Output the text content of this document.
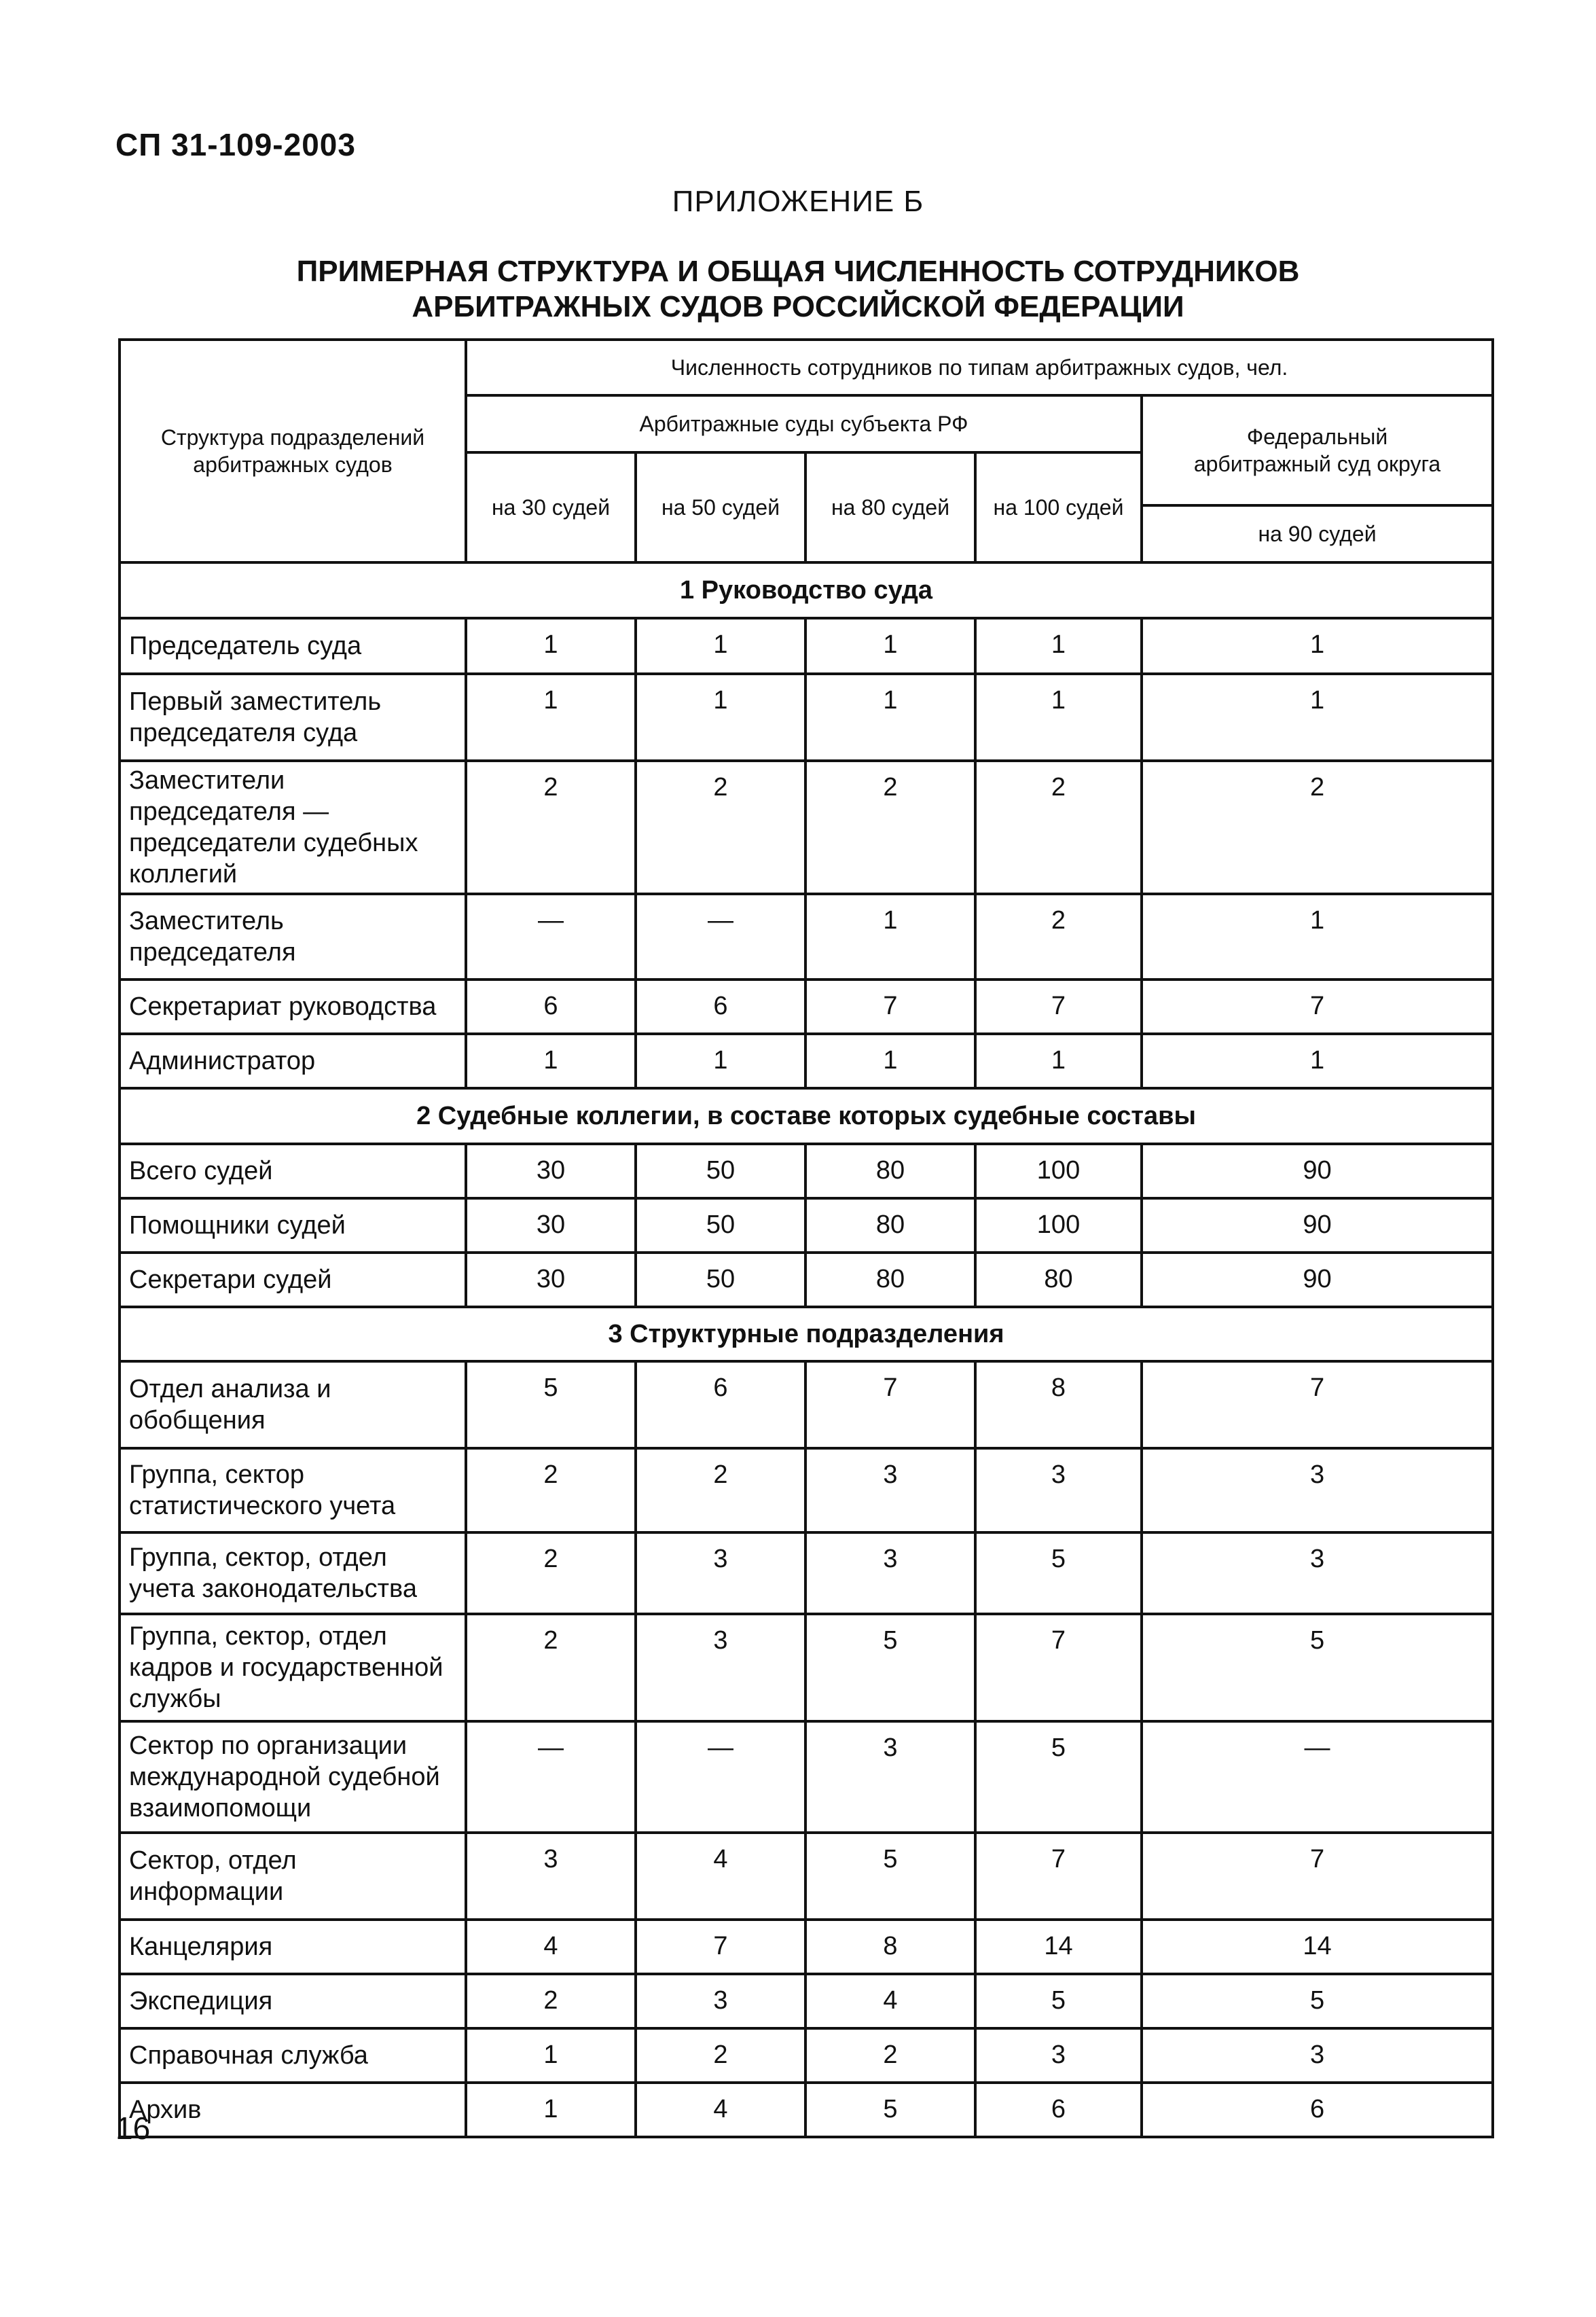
СП 31-109-2003
ПРИЛОЖЕНИЕ Б
ПРИМЕРНАЯ СТРУКТУРА И ОБЩАЯ ЧИСЛЕННОСТЬ СОТРУДНИКОВ
АРБИТРАЖНЫХ СУДОВ РОССИЙСКОЙ ФЕДЕРАЦИИ
Структура подразделений арбитражных судов	Численность сотрудников по типам арбитражных судов, чел.				
	Арбитражные суды субъекта РФ				Федеральный арбитражный суд округа
	на 30 судей	на 50 судей	на 80 судей	на 100 судей	
					на 90 судей
1 Руководство суда					
Председатель суда	1	1	1	1	1
Первый заместитель председателя суда	1	1	1	1	1
Заместители председателя — председатели судебных коллегий	2	2	2	2	2
Заместитель председателя	—	—	1	2	1
Секретариат руководства	6	6	7	7	7
Администратор	1	1	1	1	1
2 Судебные коллегии, в составе которых судебные составы					
Всего судей	30	50	80	100	90
Помощники судей	30	50	80	100	90
Секретари судей	30	50	80	80	90
3 Структурные подразделения					
Отдел анализа и обобщения	5	6	7	8	7
Группа, сектор статистического учета	2	2	3	3	3
Группа, сектор, отдел учета законодательства	2	3	3	5	3
Группа, сектор, отдел кадров и государственной службы	2	3	5	7	5
Сектор по организации международной судебной взаимопомощи	—	—	3	5	—
Сектор, отдел информации	3	4	5	7	7
Канцелярия	4	7	8	14	14
Экспедиция	2	3	4	5	5
Справочная служба	1	2	2	3	3
Архив	1	4	5	6	6
16
